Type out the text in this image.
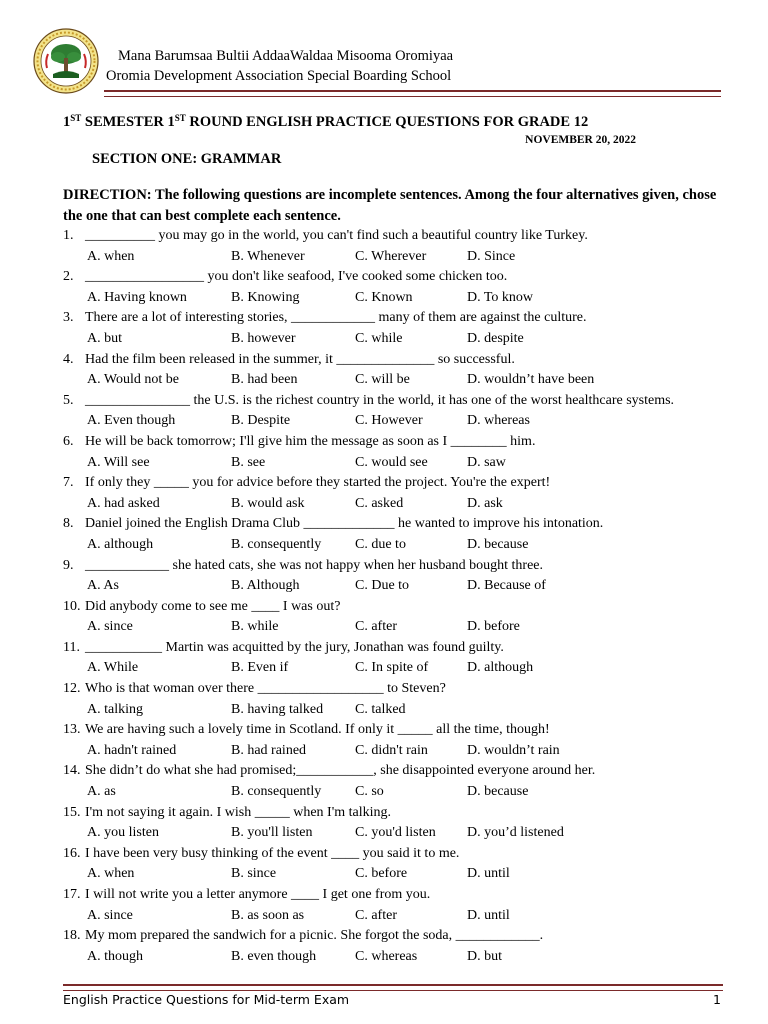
Mana Barumsaa Bultii AddaaWaldaa Misooma Oromiyaa
Oromia Development Association Special Boarding School
1ST SEMESTER 1ST ROUND ENGLISH PRACTICE QUESTIONS FOR GRADE 12
NOVEMBER 20, 2022
SECTION ONE: GRAMMAR
DIRECTION: The following questions are incomplete sentences. Among the four alternatives given, chose the one that can best complete each sentence.
1. __________ you may go in the world, you can't find such a beautiful country like Turkey.
A. when	B. Whenever	C. Wherever	D. Since
2. _________________ you don't like seafood, I've cooked some chicken too.
A. Having known	B. Knowing	C. Known	D. To know
3. There are a lot of interesting stories, ____________ many of them are against the culture.
A. but	B. however	C. while	D. despite
4. Had the film been released in the summer, it ______________ so successful.
A. Would not be	B. had been	C. will be	D. wouldn’t have been
5. _______________ the U.S. is the richest country in the world, it has one of the worst healthcare systems.
A. Even though	B. Despite	C. However	D. whereas
6. He will be back tomorrow; I'll give him the message as soon as I ________ him.
A. Will see	B. see	C. would see	D. saw
7. If only they _____ you for advice before they started the project. You're the expert!
A. had asked	B. would ask	C. asked	D. ask
8. Daniel joined the English Drama Club _____________ he wanted to improve his intonation.
A. although	B. consequently C. due to	D. because
9. ____________ she hated cats, she was not happy when her husband bought three.
A. As	B. Although	C. Due to	D. Because of
10. Did anybody come to see me ____ I was out?
A. since	B. while	C. after	D. before
11. ___________ Martin was acquitted by the jury, Jonathan was found guilty.
A. While	B. Even if	C. In spite of	D. although
12. Who is that woman over there __________________ to Steven?
A. talking	B. having talked C. talked
13. We are having such a lovely time in Scotland. If only it _____ all the time, though!
A. hadn't rained	B. had rained	C. didn't rain	D. wouldn’t rain
14. She didn’t do what she had promised;___________, she disappointed everyone around her.
A. as	B. consequently C. so	D. because
15. I'm not saying it again. I wish _____ when I'm talking.
A. you listen	B. you'll listen	C. you'd listen D. you’d listened
16. I have been very busy thinking of the event ____ you said it to me.
A. when	B. since	C. before	D. until
17. I will not write you a letter anymore ____ I get one from you.
A. since	B. as soon as	C. after	D. until
18. My mom prepared the sandwich for a picnic. She forgot the soda, ____________.
A. though	B. even though	C. whereas	D. but
English Practice Questions for Mid-term Exam	1
